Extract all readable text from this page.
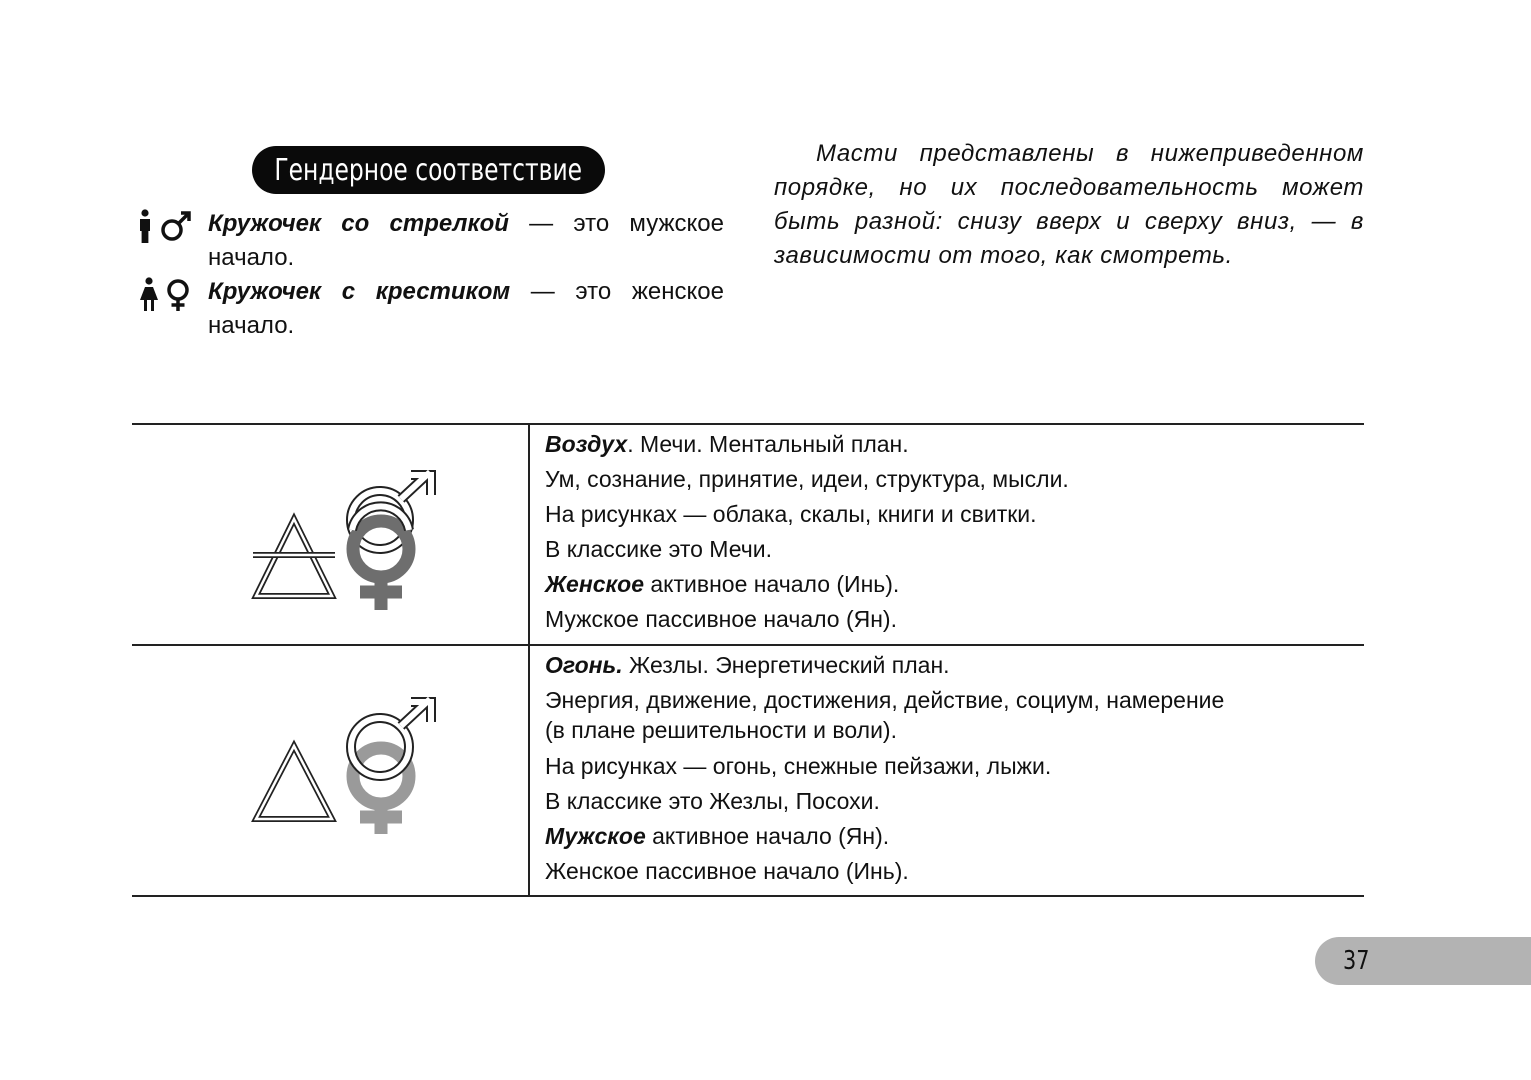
Гендерное соответствие
Кружочек со стрелкой — это мужское начало.
Кружочек с крестиком — это женское начало.
Масти представлены в нижеприведенном порядке, но их последовательность может быть разной: снизу вверх и сверху вниз, — в зависимости от того, как смотреть.

Воздух. Мечи. Ментальный план.

Ум, сознание, принятие, идеи, структура, мысли.

На рисунках — облака, скалы, книги и свитки.

В классике это Мечи.

Женское активное начало (Инь).

Мужское пассивное начало (Ян).

Огонь. Жезлы. Энергетический план.

Энергия, движение, достижения, действие, социум, намерение

(в плане решительности и воли).

На рисунках — огонь, снежные пейзажи, лыжи.

В классике это Жезлы, Посохи.

Мужское активное начало (Ян).

Женское пассивное начало (Инь).

37
